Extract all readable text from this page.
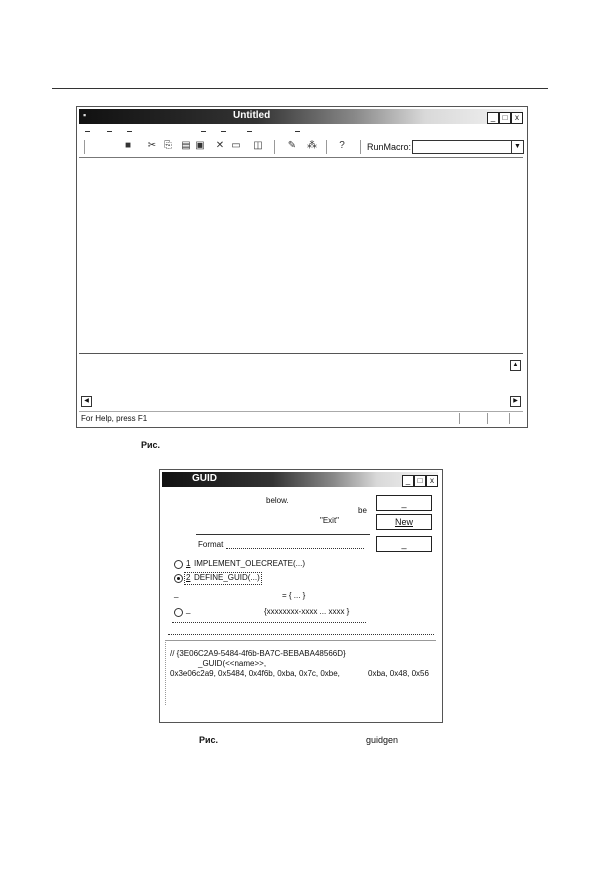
▪	Untitled	_ □ x
■ ✂ ⎘ ▤ ▣ ✕ ▭ ◫	✎ ⁂	?	RunMacro:	▼
▲
◀	▶
For Help, press F1
Рис.
GUID	_ □ x
below.
be
"Exit"
_
New
_
Format
1 IMPLEMENT_OLECREATE(...)
2 DEFINE_GUID(...)
_	= { ... }
_	{xxxxxxxx-xxxx ... xxxx }
// {3E06C2A9-5484-4f6b-BA7C-BEBABA48566D}
_GUID(<<name>>,
0x3e06c2a9, 0x5484, 0x4f6b, 0xba, 0x7c, 0xbe,	0xba, 0x48, 0x56
Рис.	guidgen
